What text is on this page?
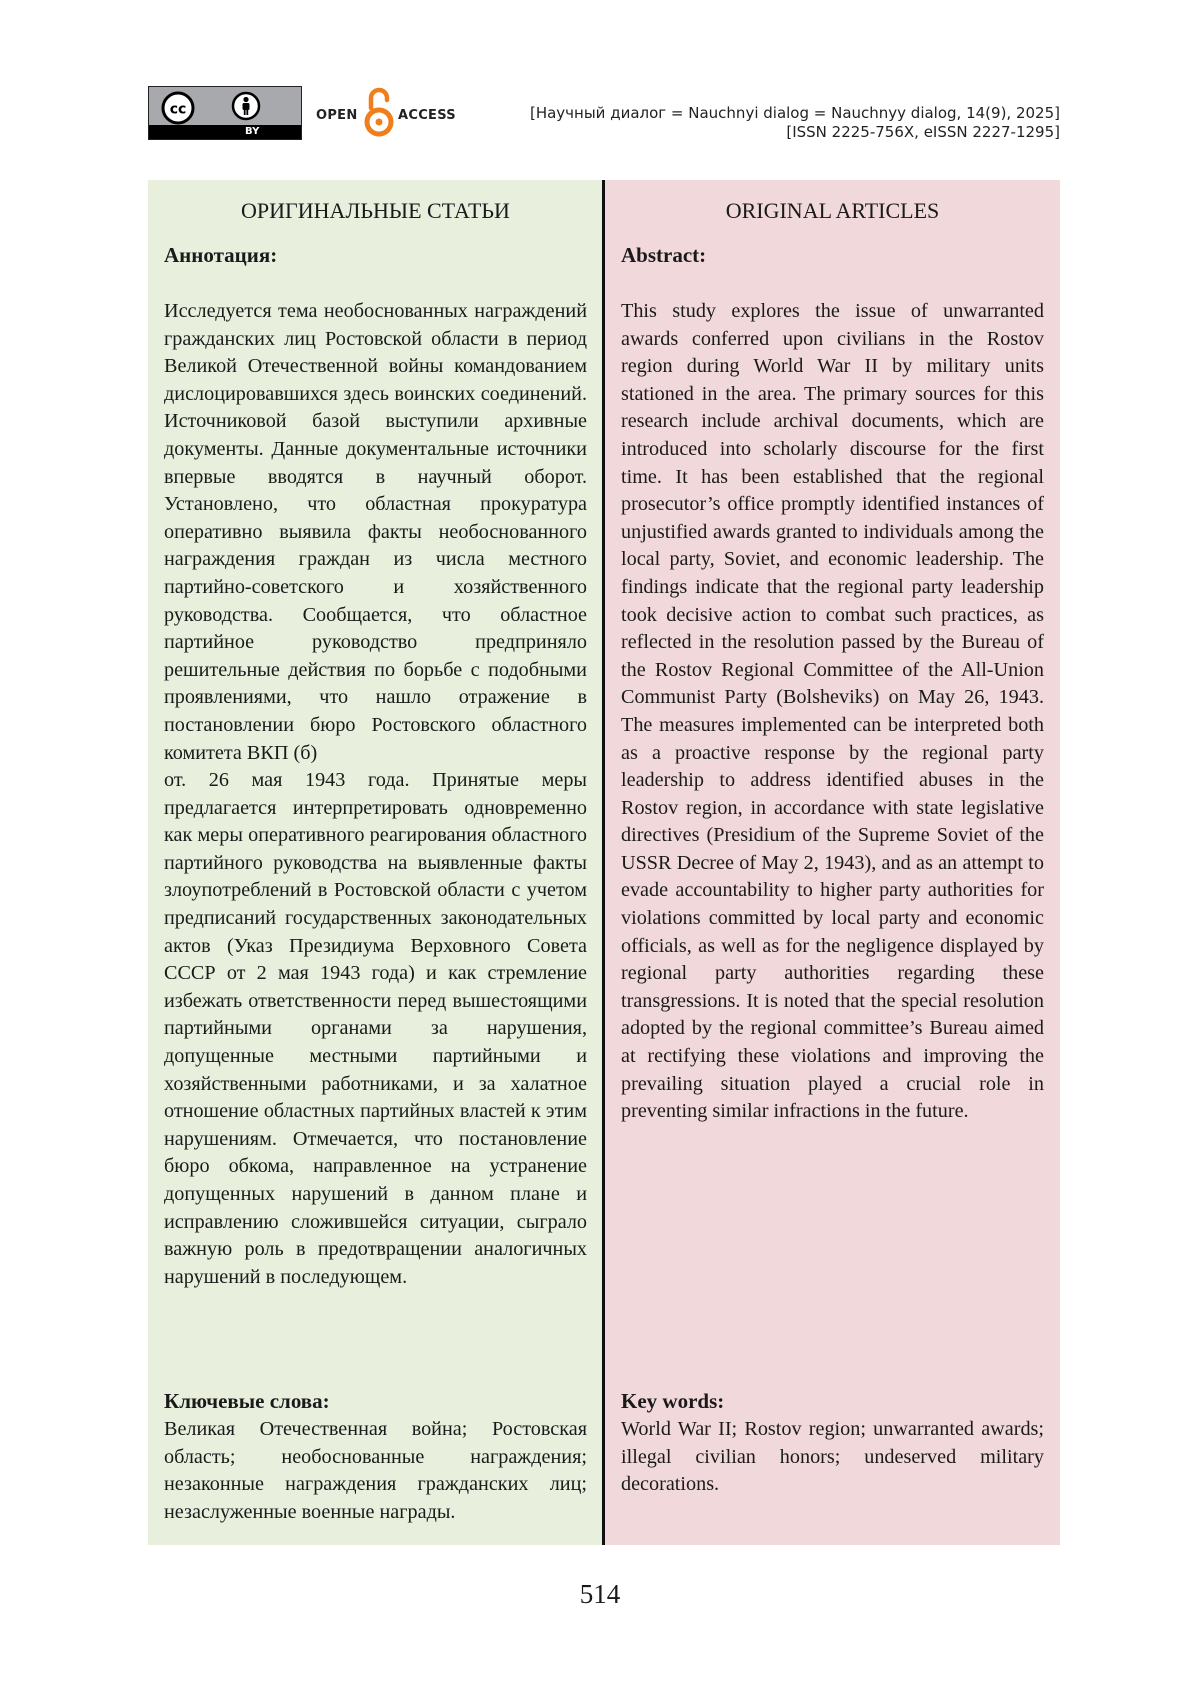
cc
BY
OPEN	ACCESS	[Научный диалог = Nauchnyi dialog = Nauchnyy dialog, 14(9), 2025]
[ISSN 2225-756X, eISSN 2227-1295]
ОРИГИНАЛЬНЫЕ СТАТЬИ
Аннотация:

Исследуется тема необоснованных награждений гражданских лиц Ростовской области в период Великой Отечественной войны командованием дислоцировавшихся здесь воинских соединений. Источниковой базой выступили архивные документы. Данные документальные источники впервые вводятся в научный оборот. Установлено, что областная прокуратура оперативно выявила факты необоснованного награждения граждан из числа местного партийно-советского и хозяйственного руководства. Сообщается, что областное партийное руководство предприняло решительные действия по борьбе с подобными проявлениями, что нашло отражение в постановлении бюро Ростовского областного комитета ВКП (б)

от. 26 мая 1943 года. Принятые меры предлагается интерпретировать одновременно как меры оперативного реагирования областного партийного руководства на выявленные факты злоупотреблений в Ростовской области с учетом предписаний государственных законодательных актов (Указ Президиума Верховного Совета СССР от 2 мая 1943 года) и как стремление избежать ответственности перед вышестоящими партийными органами за нарушения, допущенные местными партийными и хозяйственными работниками, и за халатное отношение областных партийных властей к этим нарушениям. Отмечается, что постановление бюро обкома, направленное на устранение допущенных нарушений в данном плане и исправлению сложившейся ситуации, сыграло важную роль в предотвращении аналогичных нарушений в последующем.

Ключевые слова:

Великая Отечественная война; Ростовская область; необоснованные награждения; незаконные награждения гражданских лиц; незаслуженные военные награды.

ORIGINAL ARTICLES
Abstract:

This study explores the issue of unwarranted awards conferred upon civilians in the Rostov region during World War II by military units stationed in the area. The primary sources for this research include archival documents, which are introduced into scholarly discourse for the first time. It has been established that the regional prosecutor’s office promptly identified instances of unjustified awards granted to individuals among the local party, Soviet, and economic leadership. The findings indicate that the regional party leadership took decisive action to combat such practices, as reflected in the resolution passed by the Bureau of the Rostov Regional Committee of the All-Union Communist Party (Bolsheviks) on May 26, 1943. The measures implemented can be interpreted both as a proactive response by the regional party leadership to address identified abuses in the Rostov region, in accordance with state legislative directives (Presidium of the Supreme Soviet of the USSR Decree of May 2, 1943), and as an attempt to evade accountability to higher party authorities for violations committed by local party and economic officials, as well as for the negligence displayed by regional party authorities regarding these transgressions. It is noted that the special resolution adopted by the regional committee’s Bureau aimed at rectifying these violations and improving the prevailing situation played a crucial role in preventing similar infractions in the future.

Key words:

World War II; Rostov region; unwarranted awards; illegal civilian honors; undeserved military decorations.

514
